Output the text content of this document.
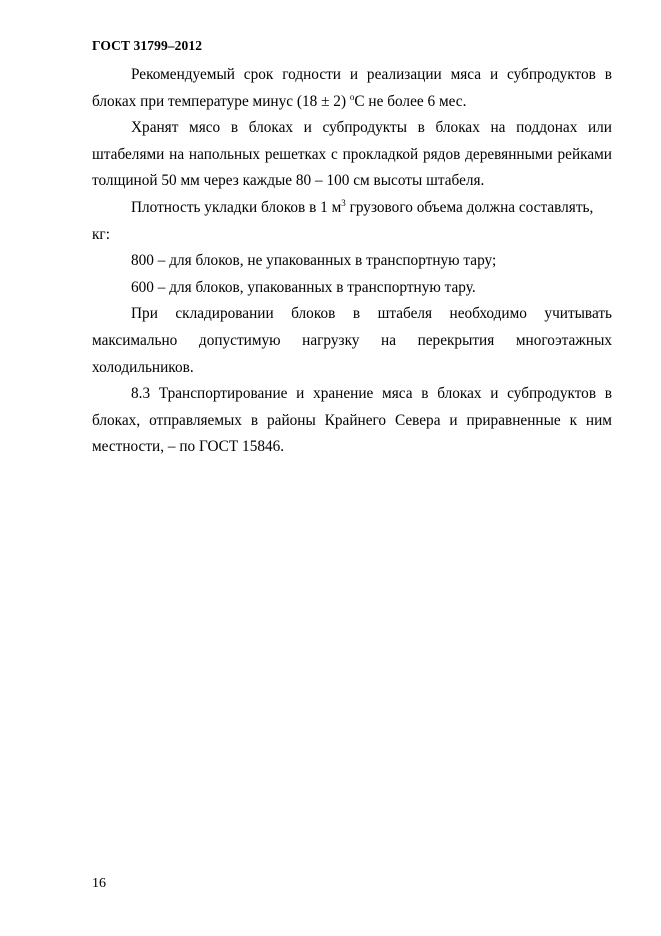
ГОСТ 31799–2012

Рекомендуемый срок годности и реализации мяса и субпродуктов в блоках при температуре минус (18 ± 2) $^о$С не более 6 мес.

Хранят мясо в блоках и субпродукты в блоках на поддонах или штабелями на напольных решетках с прокладкой рядов деревянными рейками толщиной 50 мм через каждые 80 – 100 см высоты штабеля.

Плотность укладки блоков в 1 $м^3$ грузового объема должна составлять, кг:

800 – для блоков, не упакованных в транспортную тару;

600 – для блоков, упакованных в транспортную тару.

При складировании блоков в штабеля необходимо учитывать максимально допустимую нагрузку на перекрытия многоэтажных холодильников.

8.3 Транспортирование и хранение мяса в блоках и субпродуктов в блоках, отправляемых в районы Крайнего Севера и приравненные к ним местности, – по ГОСТ 15846.

16
